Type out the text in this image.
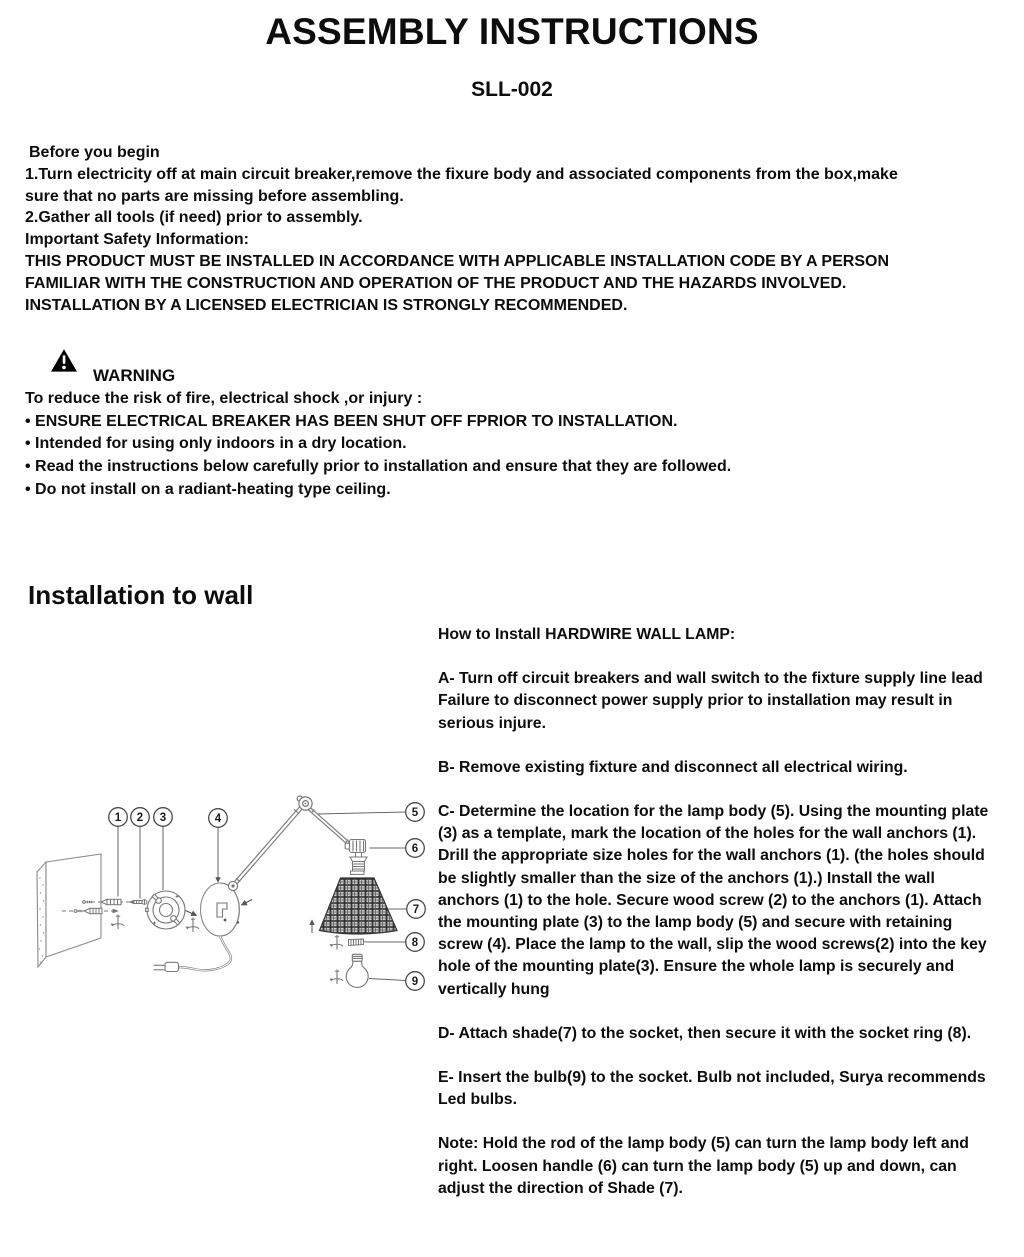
ASSEMBLY INSTRUCTIONS
SLL-002
Before you begin
1.Turn electricity off at main circuit breaker,remove the fixure body and associated components from the box,make sure that no parts are missing before assembling.
2.Gather all tools (if need) prior to assembly.
Important Safety Information:
THIS PRODUCT MUST BE INSTALLED IN ACCORDANCE WITH APPLICABLE INSTALLATION CODE BY A PERSON FAMILIAR WITH THE CONSTRUCTION AND OPERATION OF THE PRODUCT AND THE HAZARDS INVOLVED. INSTALLATION BY A LICENSED ELECTRICIAN IS STRONGLY RECOMMENDED.
WARNING
To reduce the risk of fire, electrical shock ,or injury :
• ENSURE ELECTRICAL BREAKER HAS BEEN SHUT OFF FPRIOR TO INSTALLATION.
• Intended for using only indoors in a dry location.
• Read the instructions below carefully prior to installation and ensure that they are followed.
• Do not install on a radiant-heating type ceiling.
Installation to wall

How to Install HARDWIRE WALL LAMP:

A- Turn off circuit breakers and wall switch to the fixture supply line lead Failure to disconnect power supply prior to installation may result in serious injure.

B- Remove existing fixture and disconnect all electrical wiring.

C- Determine the location for the lamp body (5). Using the mounting plate (3) as a template, mark the location of the holes for the wall anchors (1). Drill the appropriate size holes for the wall anchors (1). (the holes should be slightly smaller than the size of the anchors (1).) Install the wall anchors (1) to the hole. Secure wood screw (2) to the anchors (1). Attach the mounting plate (3) to the lamp body (5) and secure with retaining screw (4). Place the lamp to the wall, slip the wood screws(2) into the key hole of the mounting plate(3). Ensure the whole lamp is securely and vertically hung

D- Attach shade(7) to the socket, then secure it with the socket ring (8).

E- Insert the bulb(9) to the socket. Bulb not included, Surya recommends Led bulbs.

Note: Hold the rod of the lamp body (5) can turn the lamp body left and right. Loosen handle (6) can turn the lamp body (5) up and down, can adjust the direction of Shade (7).

1 2 3	4	5
6
7
8
9
